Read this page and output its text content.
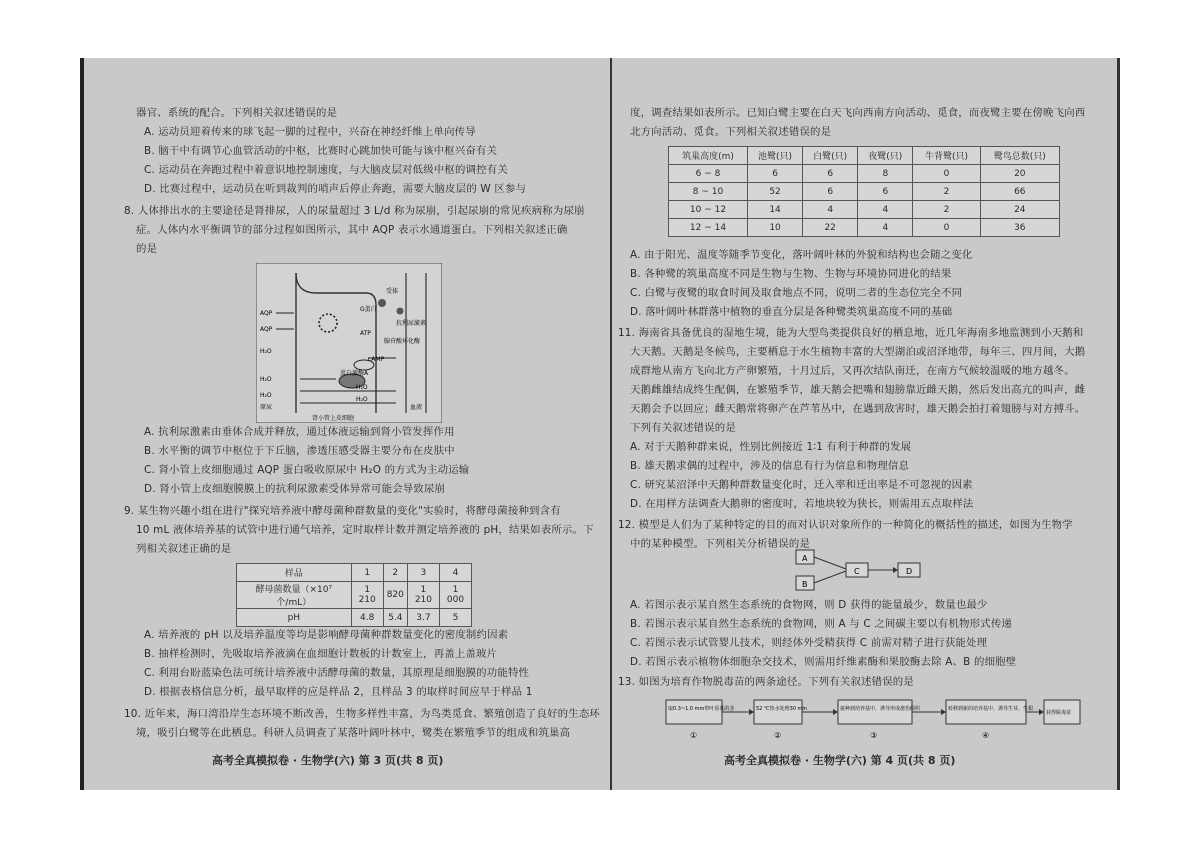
器官、系统的配合。下列相关叙述错误的是
A. 运动员迎着传来的球飞起一脚的过程中，兴奋在神经纤维上单向传导
B. 脑干中有调节心血管活动的中枢，比赛时心跳加快可能与该中枢兴奋有关
C. 运动员在奔跑过程中着意识地控制速度，与大脑皮层对低级中枢的调控有关
D. 比赛过程中，运动员在听到裁判的哨声后停止奔跑，需要大脑皮层的 W 区参与
8. 人体排出水的主要途径是肾排尿，人的尿量超过 3 L/d 称为尿崩，引起尿崩的常见疾病称为尿崩
症。人体内水平衡调节的部分过程如图所示，其中 AQP 表示水通道蛋白。下列相关叙述正确
的是
受体
G蛋白
抗利尿激素
ATP
腺苷酸环化酶
cAMP
蛋白激酶A
AQP
AQP
H₂O
H₂O
H₂O
H₂O
H₂O
原尿	血液
肾小管上皮细胞
A. 抗利尿激素由垂体合成并释放，通过体液运输到肾小管发挥作用
B. 水平衡的调节中枢位于下丘脑，渗透压感受器主要分布在皮肤中
C. 肾小管上皮细胞通过 AQP 蛋白吸收原尿中 H₂O 的方式为主动运输
D. 肾小管上皮细胞膜膜上的抗利尿激素受体异常可能会导致尿崩
9. 某生物兴趣小组在进行"探究培养液中酵母菌种群数量的变化"实验时，将酵母菌接种到含有
10 mL 液体培养基的试管中进行通气培养，定时取样计数并测定培养液的 pH，结果如表所示。下
列相关叙述正确的是
样品	1	2	3	4
酵母菌数量（×10⁷ 个/mL）	1 210	820	1 210	1 000
pH	4.8	5.4	3.7	5
A. 培养液的 pH 以及培养温度等均是影响酵母菌种群数量变化的密度制约因素
B. 抽样检测时，先吸取培养液滴在血细胞计数板的计数室上，再盖上盖玻片
C. 利用台盼蓝染色法可统计培养液中活酵母菌的数量，其原理是细胞膜的功能特性
D. 根据表格信息分析，最早取样的应是样品 2，且样品 3 的取样时间应早于样品 1
10. 近年来，海口湾沿岸生态环境不断改善，生物多样性丰富，为鸟类觅食、繁殖创造了良好的生态环
境，吸引白鹭等在此栖息。科研人员调查了某落叶阔叶林中，鹭类在繁殖季节的组成和筑巢高
高考全真模拟卷 · 生物学(六) 第 3 页(共 8 页)
度，调查结果如表所示。已知白鹭主要在白天飞向西南方向活动、觅食，而夜鹭主要在傍晚飞向西
北方向活动、觅食。下列相关叙述错误的是
筑巢高度(m)	池鹭(只)	白鹭(只)	夜鹭(只)	牛背鹭(只)	鹭鸟总数(只)
6 ~ 8	6	6	8	0	20
8 ~ 10	52	6	6	2	66
10 ~ 12	14	4	4	2	24
12 ~ 14	10	22	4	0	36
A. 由于阳光、温度等随季节变化，落叶阔叶林的外貌和结构也会随之变化
B. 各种鹭的筑巢高度不同是生物与生物、生物与环境协同进化的结果
C. 白鹭与夜鹭的取食时间及取食地点不同，说明二者的生态位完全不同
D. 落叶阔叶林群落中植物的垂直分层是各种鹭类筑巢高度不同的基础
11. 海南省具备优良的湿地生境，能为大型鸟类提供良好的栖息地，近几年海南多地监测到小天鹅和
大天鹅。天鹅是冬候鸟，主要栖息于水生植物丰富的大型湖泊或沼泽地带，每年三、四月间，大鹅
成群地从南方飞向北方产卵繁殖，十月过后，又再次结队南迁，在南方气候较温暖的地方越冬。
天鹅雌雄结成终生配偶，在繁殖季节，雄天鹅会把嘴和翅膀靠近雌天鹅，然后发出高亢的叫声，雌
天鹅会予以回应；雌天鹅常将卵产在芦苇丛中，在遇到敌害时，雄天鹅会拍打着翅膀与对方搏斗。
下列有关叙述错误的是
A. 对于天鹅种群来说，性别比例接近 1∶1 有利于种群的发展
B. 雄天鹅求偶的过程中，涉及的信息有行为信息和物理信息
C. 研究某沼泽中天鹅种群数量变化时，迁入率和迁出率是不可忽视的因素
D. 在用样方法调查大鹅卵的密度时，若地块较为狭长，则需用五点取样法
12. 模型是人们为了某种特定的目的而对认识对象所作的一种简化的概括性的描述，如图为生物学
中的某种模型。下列相关分析错误的是
A
B
C	D
A. 若图示表示某自然生态系统的食物网，则 D 获得的能量最少，数量也最少
B. 若图示表示某自然生态系统的食物网，则 A 与 C 之间碳主要以有机物形式传递
C. 若图示表示试管婴儿技术，则经体外受精获得 C 前需对精子进行获能处理
D. 若图示表示植物体细胞杂交技术，则需用纤维素酶和果胶酶去除 A、B 的细胞壁
13. 如图为培育作物脱毒苗的两条途径。下列有关叙述错误的是
取0.3~1.0 mm带叶原基的茎	52 ℃热水处理30 min	接种到培养基中，诱导形成愈伤组织	转移到新的培养基中，诱导生芽、生根
获得脱毒苗
①	②	③	④
高考全真模拟卷 · 生物学(六) 第 4 页(共 8 页)
